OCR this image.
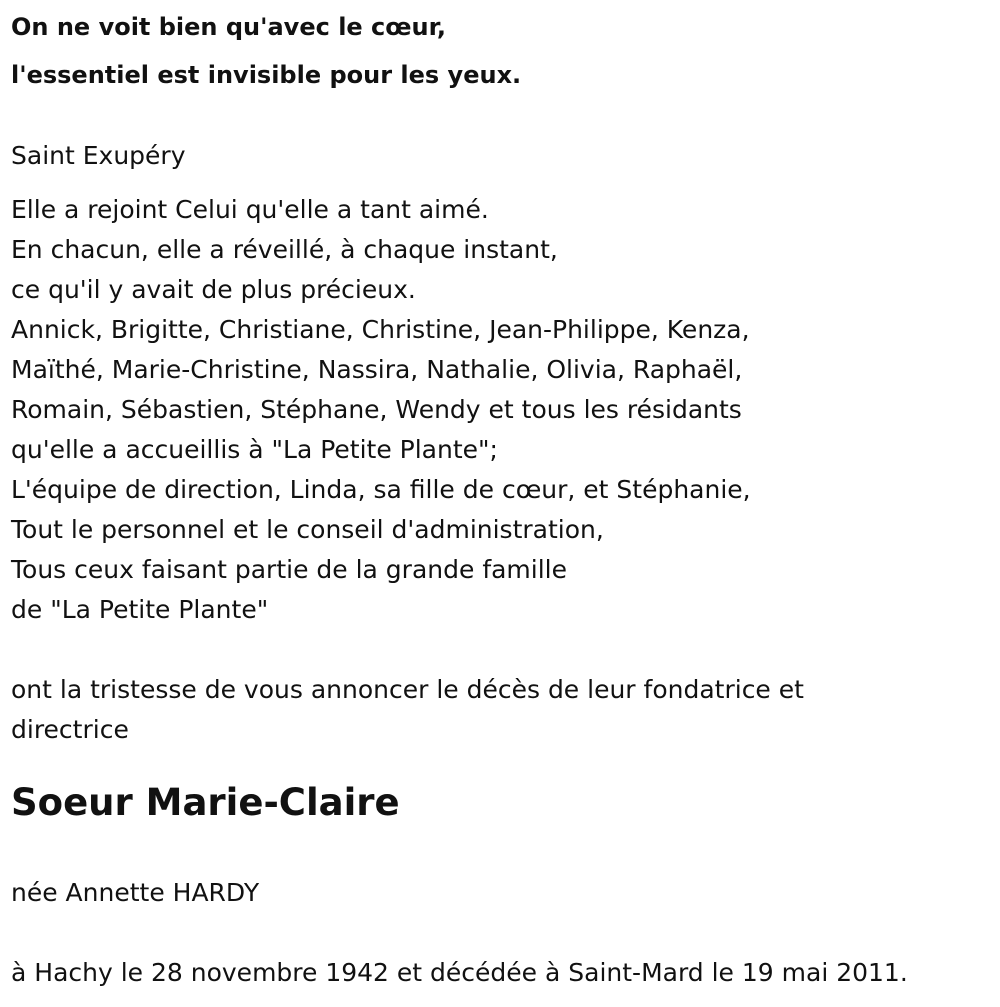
On ne voit bien qu'avec le cœur,

l'essentiel est invisible pour les yeux.

Saint Exupéry
Elle a rejoint Celui qu'elle a tant aimé.
En chacun, elle a réveillé, à chaque instant,
ce qu'il y avait de plus précieux.
Annick, Brigitte, Christiane, Christine, Jean-Philippe, Kenza,
Maïthé, Marie-Christine, Nassira, Nathalie, Olivia, Raphaël,
Romain, Sébastien, Stéphane, Wendy et tous les résidants
qu'elle a accueillis à "La Petite Plante";
L'équipe de direction, Linda, sa fille de cœur, et Stéphanie,
Tout le personnel et le conseil d'administration,
Tous ceux faisant partie de la grande famille
de "La Petite Plante"
ont la tristesse de vous annoncer le décès de leur fondatrice et directrice
Soeur Marie-Claire
née Annette HARDY
à Hachy le 28 novembre 1942 et décédée à Saint-Mard le 19 mai 2011.
